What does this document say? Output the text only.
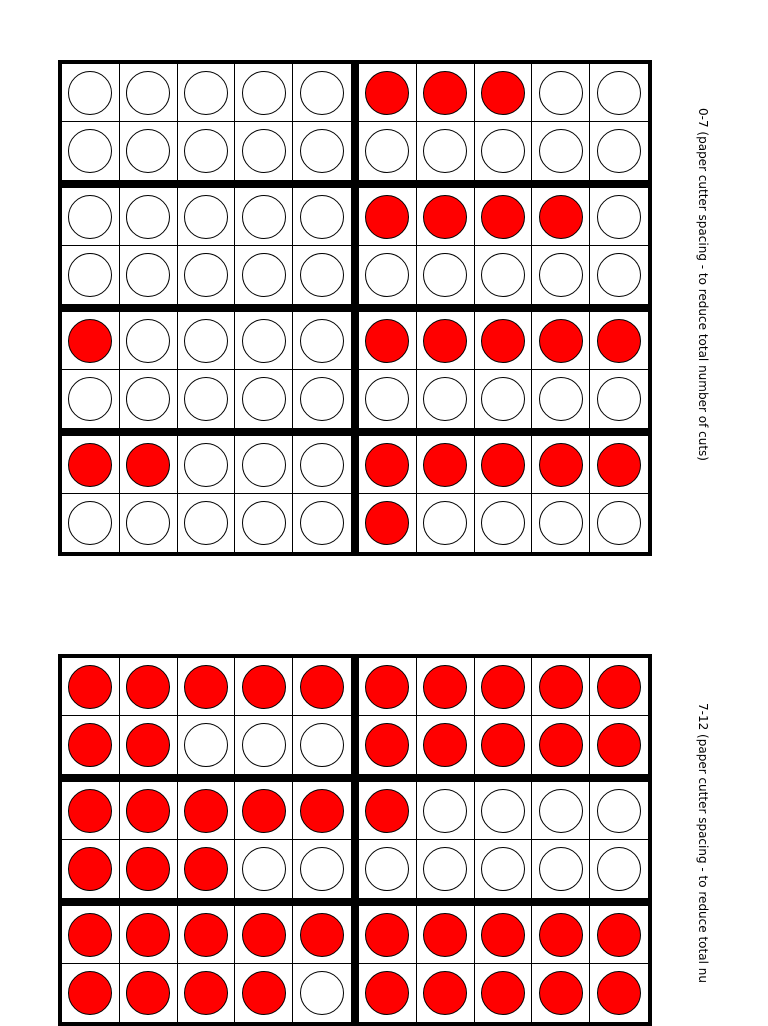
0-7 (paper cutter spacing - to reduce total number of cuts)
7-12 (paper cutter spacing - to reduce total nu
